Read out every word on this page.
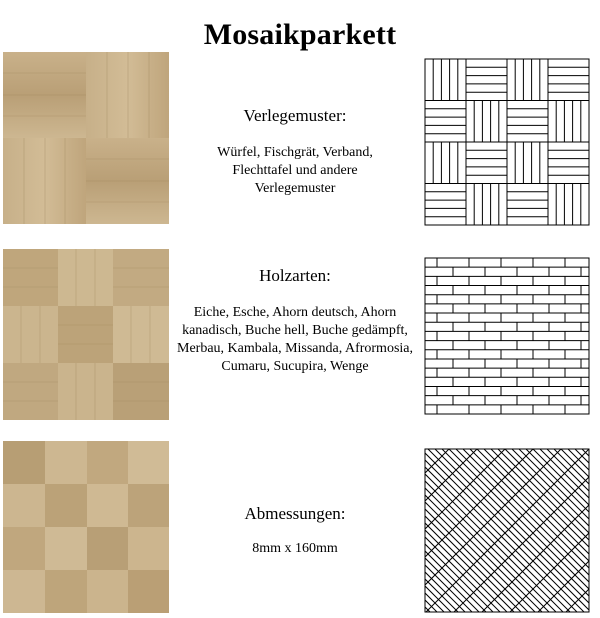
Mosaikparkett
Verlegemuster:
Würfel, Fischgrät, Verband, Flechttafel und andere Verlegemuster
Holzarten:
Eiche, Esche, Ahorn deutsch, Ahorn kanadisch, Buche hell, Buche gedämpft, Merbau, Kambala, Missanda, Afrormosia, Cumaru, Sucupira, Wenge
Abmessungen:
8mm x 160mm
